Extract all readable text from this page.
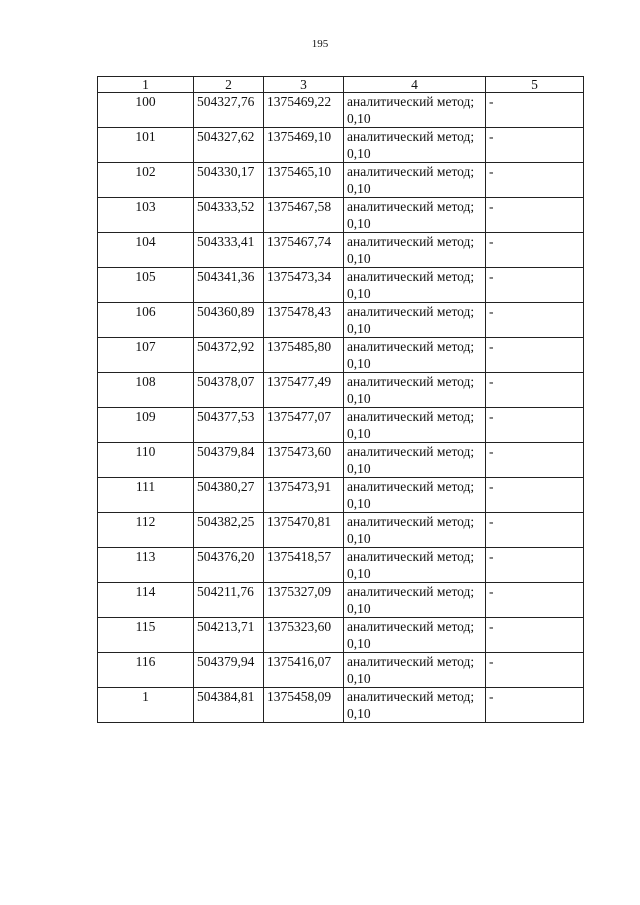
195
1	2	3	4	5
100	504327,76	1375469,22	аналитический метод; 0,10	-
101	504327,62	1375469,10	аналитический метод; 0,10	-
102	504330,17	1375465,10	аналитический метод; 0,10	-
103	504333,52	1375467,58	аналитический метод; 0,10	-
104	504333,41	1375467,74	аналитический метод; 0,10	-
105	504341,36	1375473,34	аналитический метод; 0,10	-
106	504360,89	1375478,43	аналитический метод; 0,10	-
107	504372,92	1375485,80	аналитический метод; 0,10	-
108	504378,07	1375477,49	аналитический метод; 0,10	-
109	504377,53	1375477,07	аналитический метод; 0,10	-
110	504379,84	1375473,60	аналитический метод; 0,10	-
111	504380,27	1375473,91	аналитический метод; 0,10	-
112	504382,25	1375470,81	аналитический метод; 0,10	-
113	504376,20	1375418,57	аналитический метод; 0,10	-
114	504211,76	1375327,09	аналитический метод; 0,10	-
115	504213,71	1375323,60	аналитический метод; 0,10	-
116	504379,94	1375416,07	аналитический метод; 0,10	-
1	504384,81	1375458,09	аналитический метод; 0,10	-
